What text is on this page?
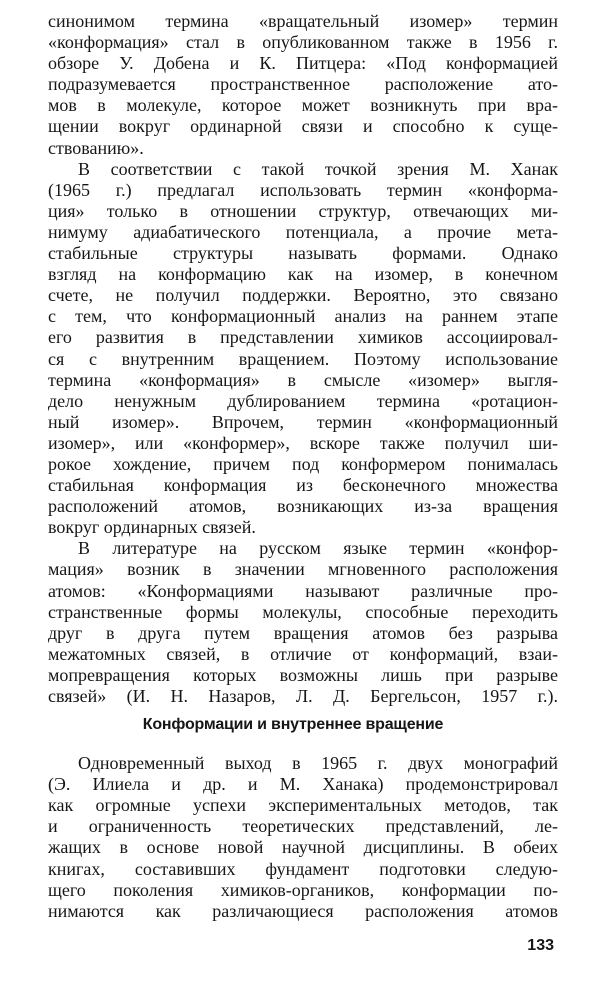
синонимом термина «вращательный изомер» термин
«конформация» стал в опубликованном также в 1956 г.
обзоре У. Добена и К. Питцера: «Под конформацией
подразумевается пространственное расположение ато-
мов в молекуле, которое может возникнуть при вра-
щении вокруг ординарной связи и способно к суще-
ствованию».
В соответствии с такой точкой зрения М. Ханак
(1965 г.) предлагал использовать термин «конформа-
ция» только в отношении структур, отвечающих ми-
нимуму адиабатического потенциала, а прочие мета-
стабильные структуры называть формами. Однако
взгляд на конформацию как на изомер, в конечном
счете, не получил поддержки. Вероятно, это связано
с тем, что конформационный анализ на раннем этапе
его развития в представлении химиков ассоциировал-
ся с внутренним вращением. Поэтому использование
термина «конформация» в смысле «изомер» выгля-
дело ненужным дублированием термина «ротацион-
ный изомер». Впрочем, термин «конформационный
изомер», или «конформер», вскоре также получил ши-
рокое хождение, причем под конформером понималась
стабильная конформация из бесконечного множества
расположений атомов, возникающих из-за вращения
вокруг ординарных связей.
В литературе на русском языке термин «конфор-
мация» возник в значении мгновенного расположения
атомов: «Конформациями называют различные про-
странственные формы молекулы, способные переходить
друг в друга путем вращения атомов без разрыва
межатомных связей, в отличие от конформаций, взаи-
мопревращения которых возможны лишь при разрыве
связей» (И. Н. Назаров, Л. Д. Бергельсон, 1957 г.).
Конформации и внутреннее вращение
Одновременный выход в 1965 г. двух монографий
(Э. Илиела и др. и М. Ханака) продемонстрировал
как огромные успехи экспериментальных методов, так
и ограниченность теоретических представлений, ле-
жащих в основе новой научной дисциплины. В обеих
книгах, составивших фундамент подготовки следую-
щего поколения химиков-органиков, конформации по-
нимаются как различающиеся расположения атомов
133
